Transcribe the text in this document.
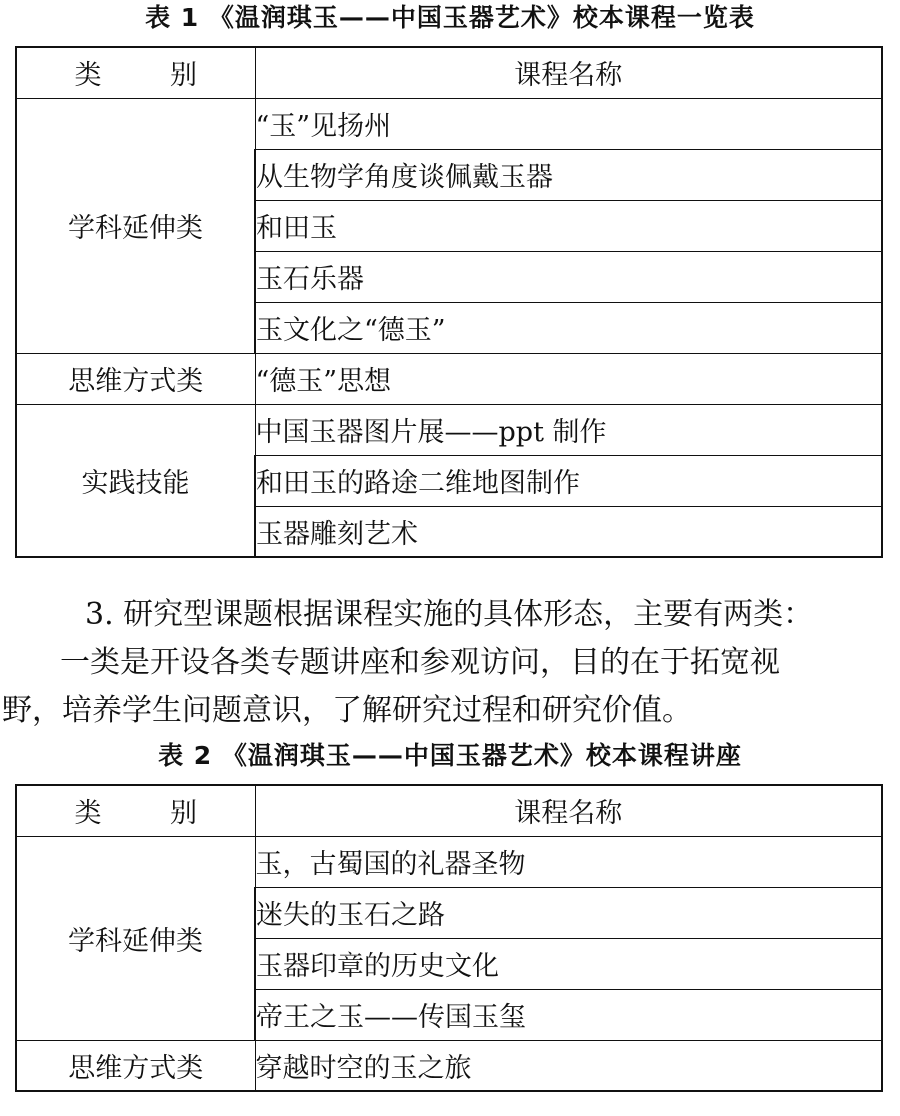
表 1 《温润琪玉——中国玉器艺术》校本课程一览表
类 别	课程名称
学科延伸类	“玉”见扬州
	从生物学角度谈佩戴玉器
	和田玉
	玉石乐器
	玉文化之“德玉”
思维方式类	“德玉”思想
实践技能	中国玉器图片展——ppt 制作
	和田玉的路途二维地图制作
	玉器雕刻艺术

3. 研究型课题根据课程实施的具体形态，主要有两类：

一类是开设各类专题讲座和参观访问，目的在于拓宽视

野，培养学生问题意识，了解研究过程和研究价值。

表 2 《温润琪玉——中国玉器艺术》校本课程讲座
类 别	课程名称
学科延伸类	玉，古蜀国的礼器圣物
	迷失的玉石之路
	玉器印章的历史文化
	帝王之玉——传国玉玺
思维方式类	穿越时空的玉之旅
